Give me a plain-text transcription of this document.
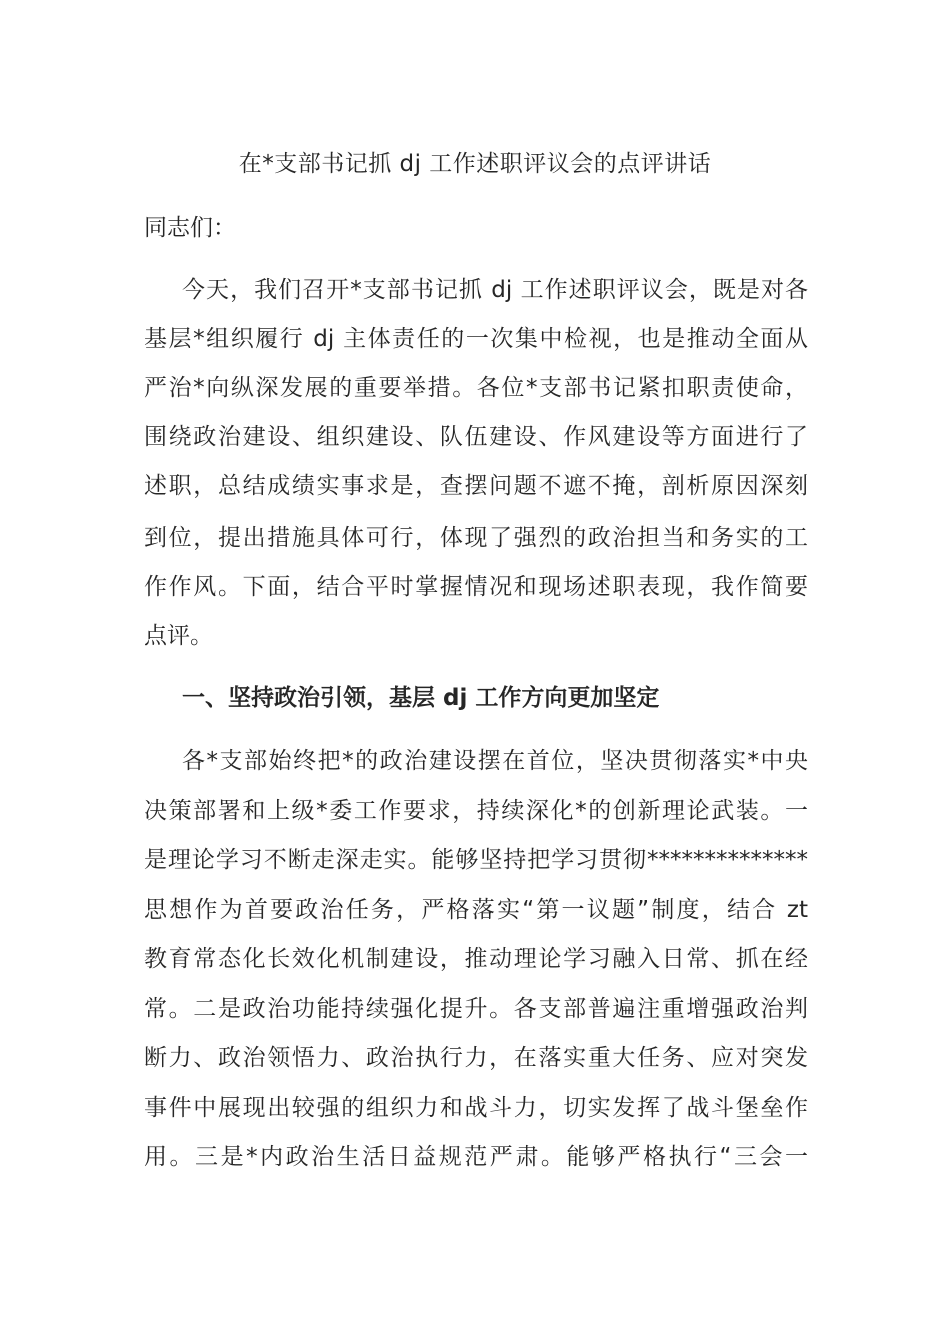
在*支部书记抓 dj 工作述职评议会的点评讲话

同志们：

今天，我们召开*支部书记抓 dj 工作述职评议会，既是对各

基层*组织履行 dj 主体责任的一次集中检视，也是推动全面从

严治*向纵深发展的重要举措。各位*支部书记紧扣职责使命，

围绕政治建设、组织建设、队伍建设、作风建设等方面进行了

述职，总结成绩实事求是，查摆问题不遮不掩，剖析原因深刻

到位，提出措施具体可行，体现了强烈的政治担当和务实的工

作作风。下面，结合平时掌握情况和现场述职表现，我作简要

点评。

一、坚持政治引领，基层 dj 工作方向更加坚定

各*支部始终把*的政治建设摆在首位，坚决贯彻落实*中央

决策部署和上级*委工作要求，持续深化*的创新理论武装。一

是理论学习不断走深走实。能够坚持把学习贯彻**************

思想作为首要政治任务，严格落实“第一议题”制度，结合 zt

教育常态化长效化机制建设，推动理论学习融入日常、抓在经

常。二是政治功能持续强化提升。各支部普遍注重增强政治判

断力、政治领悟力、政治执行力，在落实重大任务、应对突发

事件中展现出较强的组织力和战斗力，切实发挥了战斗堡垒作

用。三是*内政治生活日益规范严肃。能够严格执行“三会一
